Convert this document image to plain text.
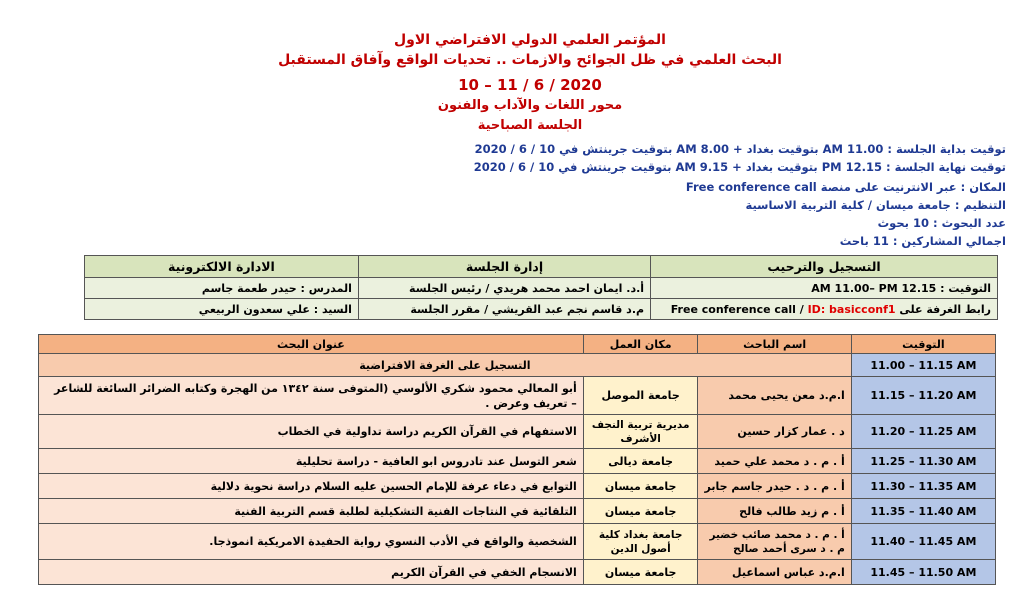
المؤتمر العلمي الدولي الافتراضي الاول
البحث العلمي في ظل الجوائح والازمات .. تحديات الواقع وآفاق المستقبل
10 – 11 / 6 / 2020
محور اللغات والآداب والفنون
الجلسة الصباحية
توقيت بداية الجلسة : AM 11.00 بتوقيت بغداد + AM 8.00 بتوقيت جرينتش في 10 / 6 / 2020
توقيت نهاية الجلسة : PM 12.15 بتوقيت بغداد + AM 9.15 بتوقيت جرينتش في 10 / 6 / 2020
المكان : عبر الانترنيت على منصة Free conference call
التنظيم : جامعة ميسان / كلية التربية الاساسية
عدد البحوث : 10 بحوث
اجمالي المشاركين : 11 باحث
التسجيل والترحيب	إدارة الجلسة	الادارة الالكترونية
التوقيت : AM 11.00– PM 12.15	أ.د. ايمان احمد محمد هريدي / رئيس الجلسة	المدرس : حيدر طعمة جاسم
رابط الغرفة على Free conference call / ID: basicconf1	م.د قاسم نجم عبد القريشي / مقرر الجلسة	السيد : علي سعدون الربيعي
التوقيت	اسم الباحث	مكان العمل	عنوان البحث
11.00 – 11.15 AM	التسجيل على الغرفة الافتراضية		
11.15 – 11.20 AM	ا.م.د معن يحيى محمد	جامعة الموصل	أبو المعالي محمود شكري الألوسي (المتوفى سنة ١٣٤٢ من الهجرة وكتابه الضرائر السائغة للشاعر – تعريف وعرض .
11.20 – 11.25 AM	د . عمار كزار حسين	مديرية تربية النجف الأشرف	الاستفهام في القرآن الكريم دراسة تداولية في الخطاب
11.25 – 11.30 AM	أ . م . د محمد علي حميد	جامعة ديالى	شعر التوسل عند تادروس ابو العافية - دراسة تحليلية
11.30 – 11.35 AM	أ . م . د . حيدر جاسم جابر	جامعة ميسان	التوابع في دعاء عرفة للإمام الحسين عليه السلام دراسة نحوية دلالية
11.35 – 11.40 AM	أ . م زيد طالب فالح	جامعة ميسان	التلقائية في النتاجات الفنية التشكيلية لطلبة قسم التربية الفنية
11.40 – 11.45 AM	أ . م . د محمد صائب خضير م . د سرى أحمد صالح	جامعة بغداد كلية أصول الدين	الشخصية والواقع في الأدب النسوي رواية الحفيدة الامريكية انموذجا.
11.45 – 11.50 AM	ا.م.د عباس اسماعيل	جامعة ميسان	الانسجام الخفي في القرآن الكريم
